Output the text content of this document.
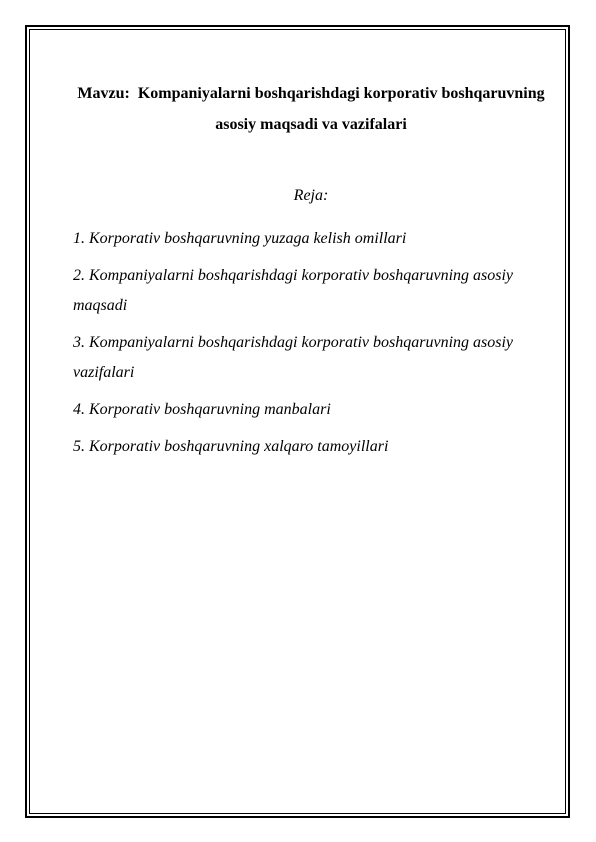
Mavzu:  Kompaniyalarni boshqarishdagi korporativ boshqaruvning asosiy maqsadi va vazifalari
Reja:
1. Korporativ boshqaruvning yuzaga kelish omillari
2. Kompaniyalarni boshqarishdagi korporativ boshqaruvning asosiy maqsadi
3. Kompaniyalarni boshqarishdagi korporativ boshqaruvning asosiy vazifalari
4. Korporativ boshqaruvning manbalari
5. Korporativ boshqaruvning xalqaro tamoyillari
